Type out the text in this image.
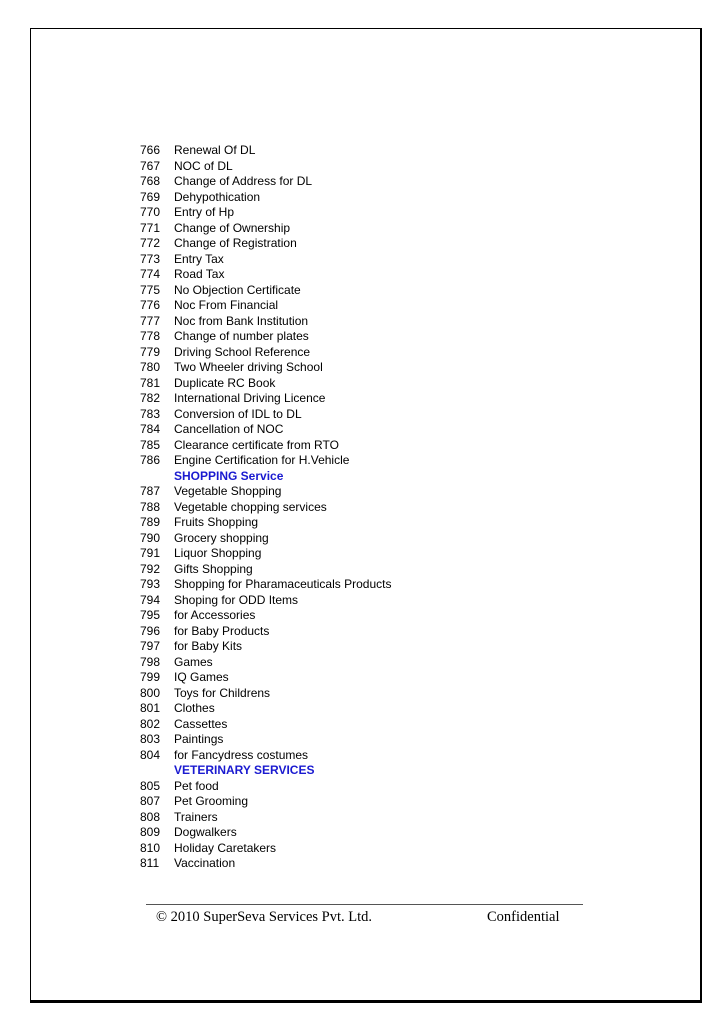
766	Renewal Of DL
767	NOC of DL
768	Change of Address for DL
769	Dehypothication
770	Entry of Hp
771	Change of Ownership
772	Change of Registration
773	Entry Tax
774	Road Tax
775	No Objection Certificate
776	Noc From Financial
777	Noc from Bank Institution
778	Change of number plates
779	Driving School Reference
780	Two Wheeler driving School
781	Duplicate RC Book
782	International Driving Licence
783	Conversion of IDL to DL
784	Cancellation of NOC
785	Clearance certificate from RTO
786	Engine Certification for H.Vehicle
SHOPPING Service
787	Vegetable Shopping
788	Vegetable chopping services
789	Fruits Shopping
790	Grocery shopping
791	Liquor Shopping
792	Gifts Shopping
793	Shopping for Pharamaceuticals Products
794	Shoping for ODD Items
795	for Accessories
796	for Baby Products
797	for Baby Kits
798	Games
799	IQ Games
800	Toys for Childrens
801	Clothes
802	Cassettes
803	Paintings
804	for Fancydress costumes
VETERINARY SERVICES
805	Pet food
807	Pet Grooming
808	Trainers
809	Dogwalkers
810	Holiday Caretakers
811	Vaccination
© 2010 SuperSeva Services Pvt. Ltd.	Confidential
